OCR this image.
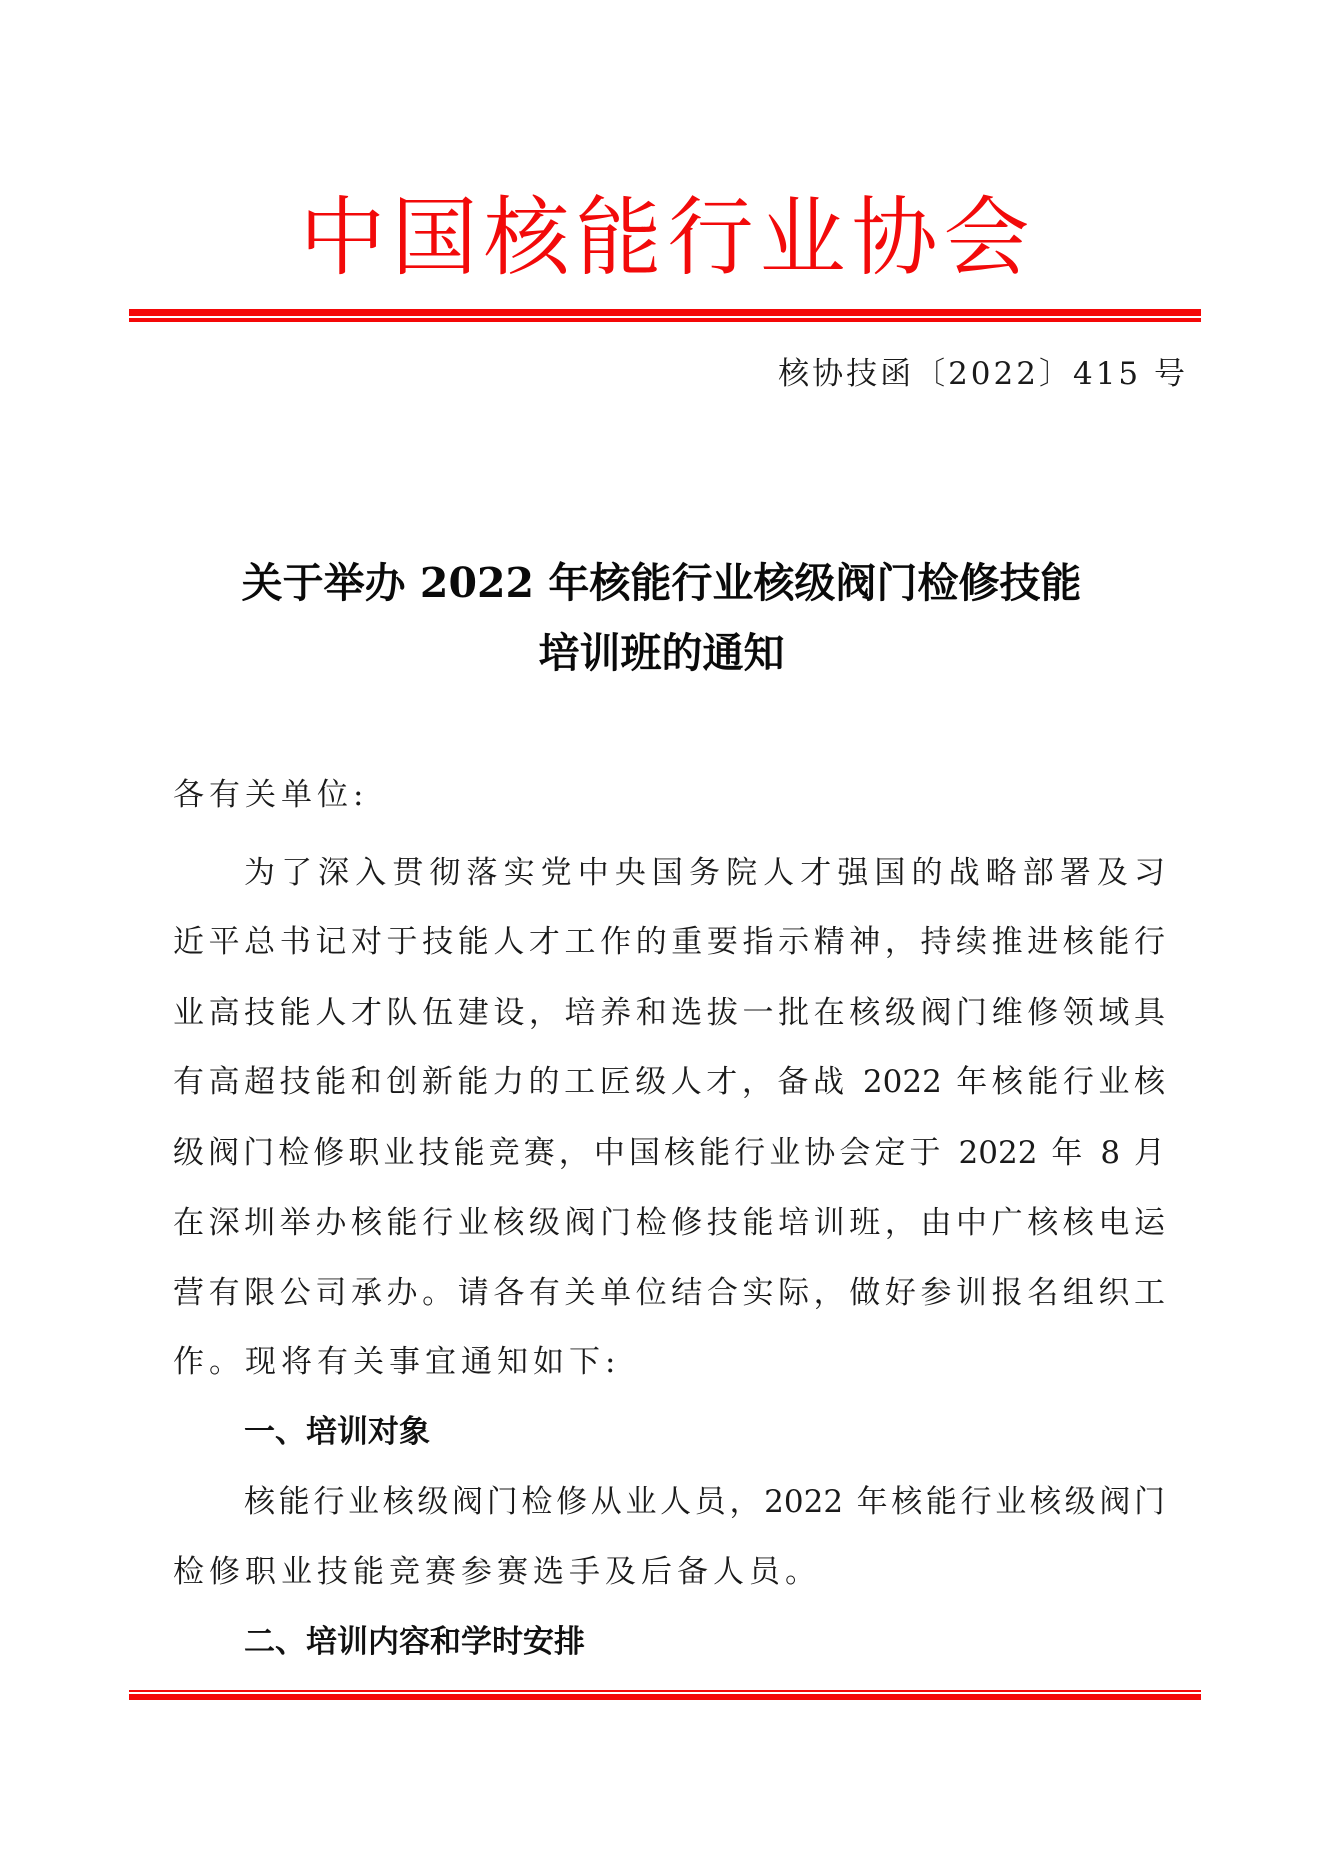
中国核能行业协会
核协技函〔2022〕415 号
关于举办 2022 年核能行业核级阀门检修技能
培训班的通知
各有关单位:
为了深入贯彻落实党中央国务院人才强国的战略部署及习
近平总书记对于技能人才工作的重要指示精神，持续推进核能行
业高技能人才队伍建设，培养和选拔一批在核级阀门维修领域具
有高超技能和创新能力的工匠级人才，备战 2022 年核能行业核
级阀门检修职业技能竞赛，中国核能行业协会定于 2022 年 8 月
在深圳举办核能行业核级阀门检修技能培训班，由中广核核电运
营有限公司承办。请各有关单位结合实际，做好参训报名组织工
作。现将有关事宜通知如下:
一、培训对象
核能行业核级阀门检修从业人员，2022 年核能行业核级阀门
检修职业技能竞赛参赛选手及后备人员。
二、培训内容和学时安排
